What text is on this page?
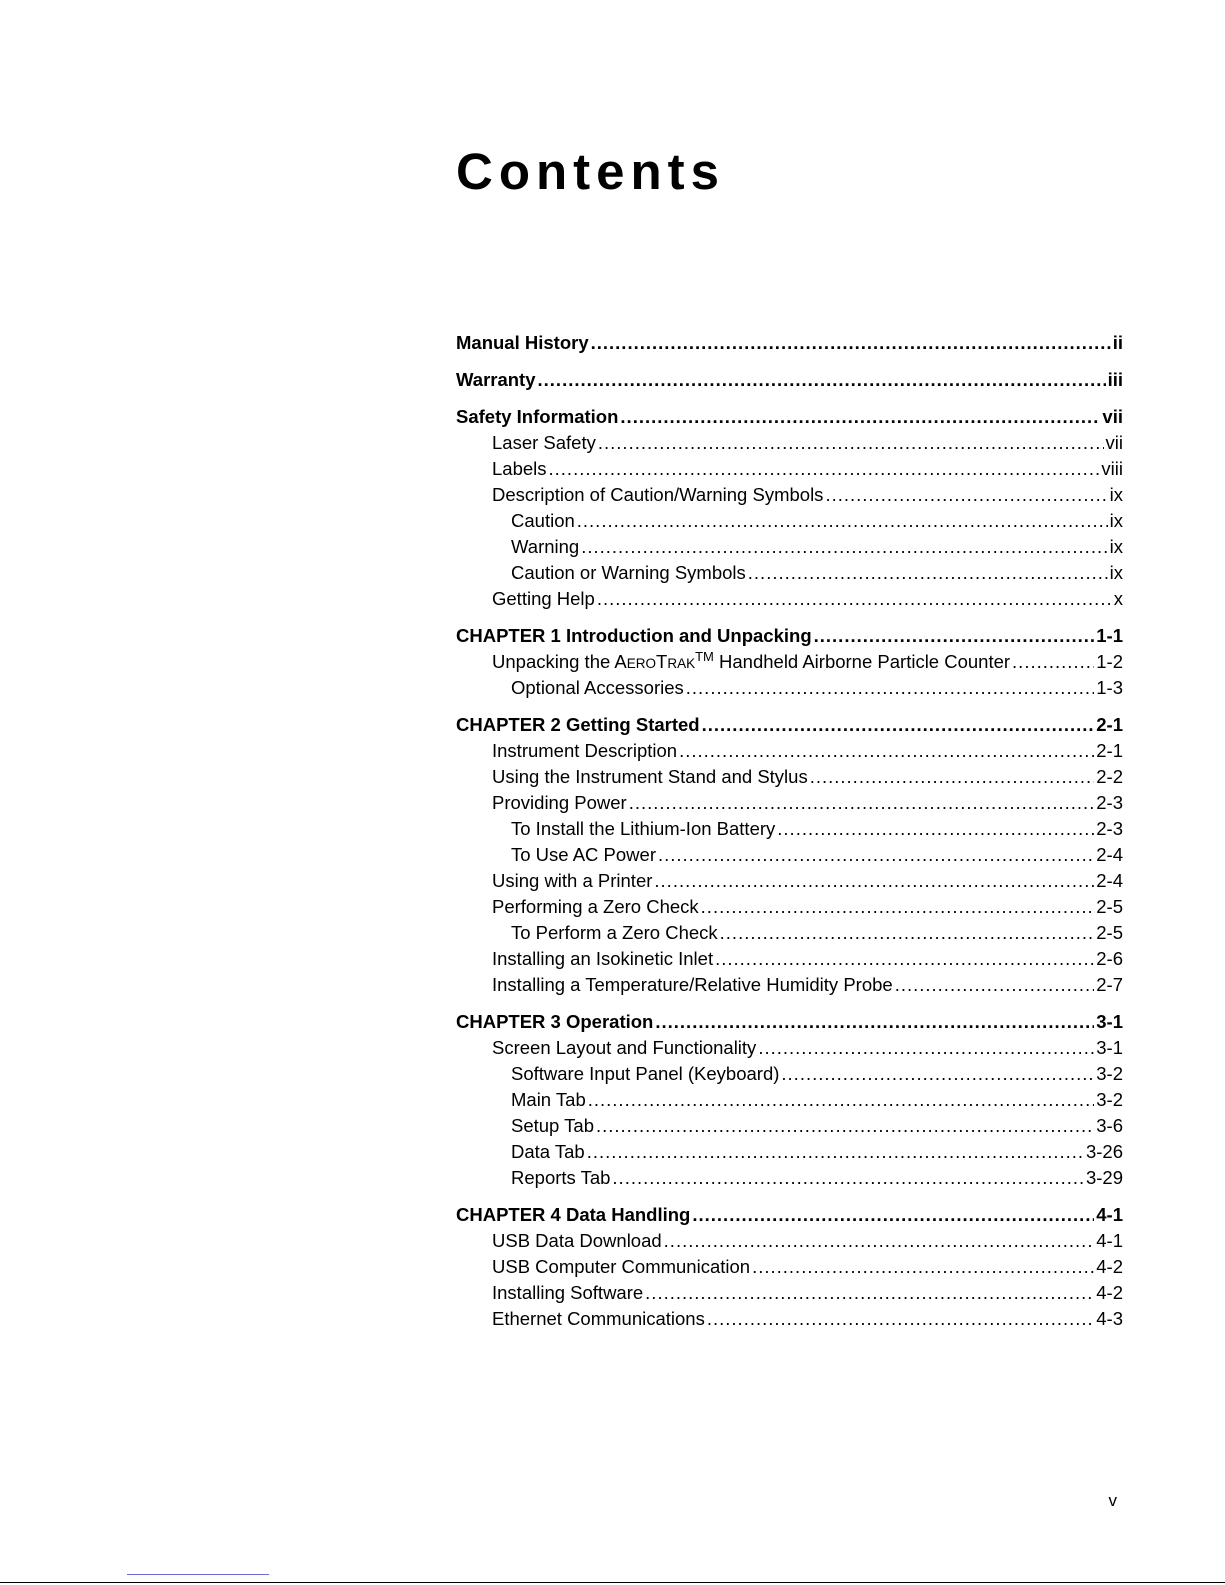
Contents
Manual History .....	ii
Warranty .....	iii
Safety Information .....	vii
Laser Safety .....	vii
Labels .....	viii
Description of Caution/Warning Symbols .....	ix
Caution .....	ix
Warning .....	ix
Caution or Warning Symbols .....	ix
Getting Help .....	x
CHAPTER 1 Introduction and Unpacking .....	1-1
Unpacking the AEROTRAK™ Handheld Airborne Particle Counter .....	1-2
Optional Accessories .....	1-3
CHAPTER 2 Getting Started .....	2-1
Instrument Description .....	2-1
Using the Instrument Stand and Stylus .....	2-2
Providing Power .....	2-3
To Install the Lithium-Ion Battery .....	2-3
To Use AC Power .....	2-4
Using with a Printer .....	2-4
Performing a Zero Check .....	2-5
To Perform a Zero Check .....	2-5
Installing an Isokinetic Inlet .....	2-6
Installing a Temperature/Relative Humidity Probe .....	2-7
CHAPTER 3 Operation .....	3-1
Screen Layout and Functionality .....	3-1
Software Input Panel (Keyboard) .....	3-2
Main Tab .....	3-2
Setup Tab .....	3-6
Data Tab .....	3-26
Reports Tab .....	3-29
CHAPTER 4 Data Handling .....	4-1
USB Data Download .....	4-1
USB Computer Communication .....	4-2
Installing Software .....	4-2
Ethernet Communications .....	4-3
v
